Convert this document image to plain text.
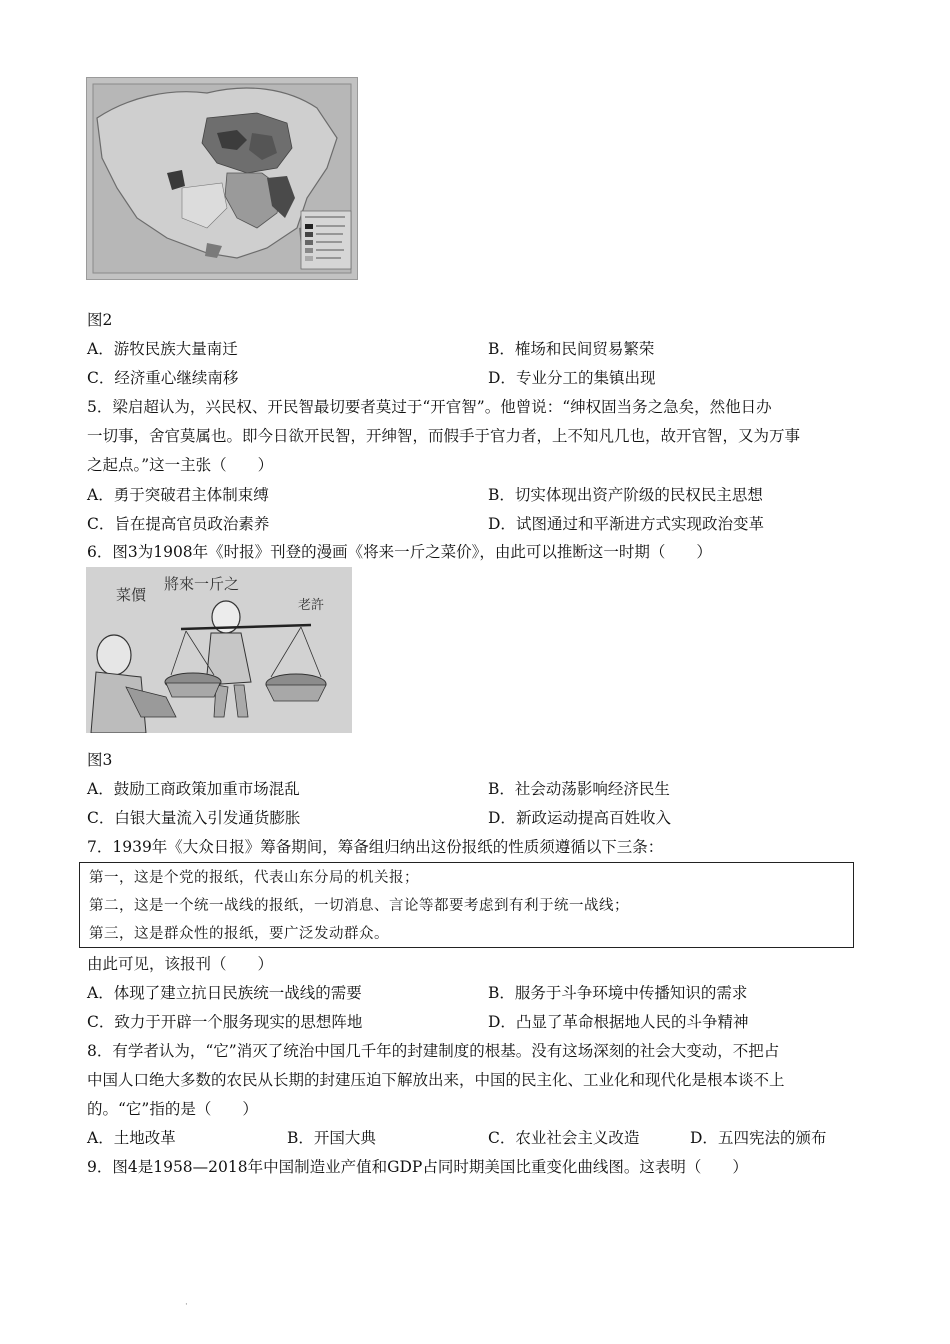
图2
A．游牧民族大量南迁	B．榷场和民间贸易繁荣
C．经济重心继续南移	D．专业分工的集镇出现
5．梁启超认为，兴民权、开民智最切要者莫过于“开官智”。他曾说：“绅权固当务之急矣，然他日办
一切事，舍官莫属也。即今日欲开民智，开绅智，而假手于官力者，上不知凡几也，故开官智，又为万事
之起点。”这一主张（　　）
A．勇于突破君主体制束缚	B．切实体现出资产阶级的民权民主思想
C．旨在提高官员政治素养	D．试图通过和平渐进方式实现政治变革
6．图3为1908年《时报》刊登的漫画《将来一斤之菜价》，由此可以推断这一时期（　　）
將來一斤之
菜價
老許
图3
A．鼓励工商政策加重市场混乱	B．社会动荡影响经济民生
C．白银大量流入引发通货膨胀	D．新政运动提高百姓收入
7．1939年《大众日报》筹备期间，筹备组归纳出这份报纸的性质须遵循以下三条：
第一，这是个党的报纸，代表山东分局的机关报；
第二，这是一个统一战线的报纸，一切消息、言论等都要考虑到有利于统一战线；
第三，这是群众性的报纸，要广泛发动群众。
由此可见，该报刊（　　）
A．体现了建立抗日民族统一战线的需要	B．服务于斗争环境中传播知识的需求
C．致力于开辟一个服务现实的思想阵地	D．凸显了革命根据地人民的斗争精神
8．有学者认为，“它”消灭了统治中国几千年的封建制度的根基。没有这场深刻的社会大变动，不把占
中国人口绝大多数的农民从长期的封建压迫下解放出来，中国的民主化、工业化和现代化是根本谈不上
的。“它”指的是（　　）
A．土地改革	B．开国大典	C．农业社会主义改造	D．五四宪法的颁布
9．图4是1958—2018年中国制造业产值和GDP占同时期美国比重变化曲线图。这表明（　　）
·
